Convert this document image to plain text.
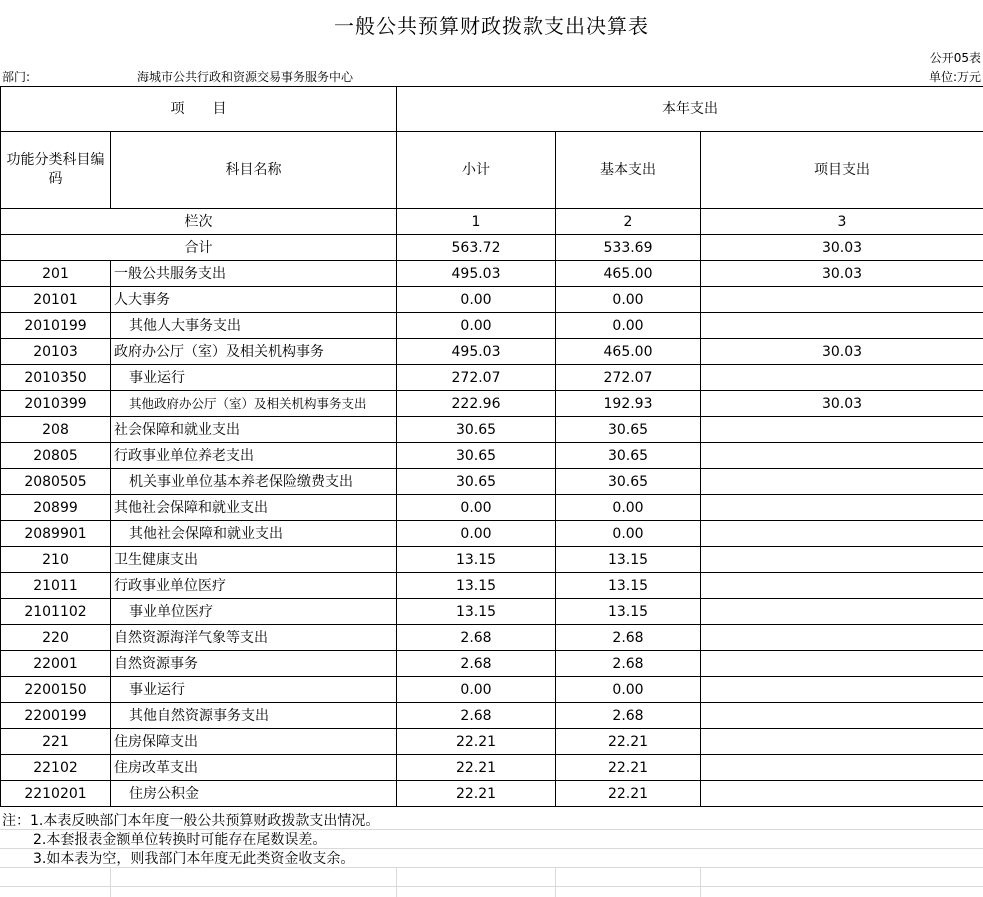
一般公共预算财政拨款支出决算表
公开05表
部门:	海城市公共行政和资源交易事务服务中心	单位:万元
项　　目		本年支出		
功能分类科目编码	科目名称	小计	基本支出	项目支出
栏次		1	2	3
合计		563.72	533.69	30.03
201	一般公共服务支出	495.03	465.00	30.03
20101	人大事务	0.00	0.00	
2010199	其他人大事务支出	0.00	0.00	
20103	政府办公厅（室）及相关机构事务	495.03	465.00	30.03
2010350	事业运行	272.07	272.07	
2010399	其他政府办公厅（室）及相关机构事务支出	222.96	192.93	30.03
208	社会保障和就业支出	30.65	30.65	
20805	行政事业单位养老支出	30.65	30.65	
2080505	机关事业单位基本养老保险缴费支出	30.65	30.65	
20899	其他社会保障和就业支出	0.00	0.00	
2089901	其他社会保障和就业支出	0.00	0.00	
210	卫生健康支出	13.15	13.15	
21011	行政事业单位医疗	13.15	13.15	
2101102	事业单位医疗	13.15	13.15	
220	自然资源海洋气象等支出	2.68	2.68	
22001	自然资源事务	2.68	2.68	
2200150	事业运行	0.00	0.00	
2200199	其他自然资源事务支出	2.68	2.68	
221	住房保障支出	22.21	22.21	
22102	住房改革支出	22.21	22.21	
2210201	住房公积金	22.21	22.21	
注：1.本表反映部门本年度一般公共预算财政拨款支出情况。
2.本套报表金额单位转换时可能存在尾数误差。
3.如本表为空，则我部门本年度无此类资金收支余。
